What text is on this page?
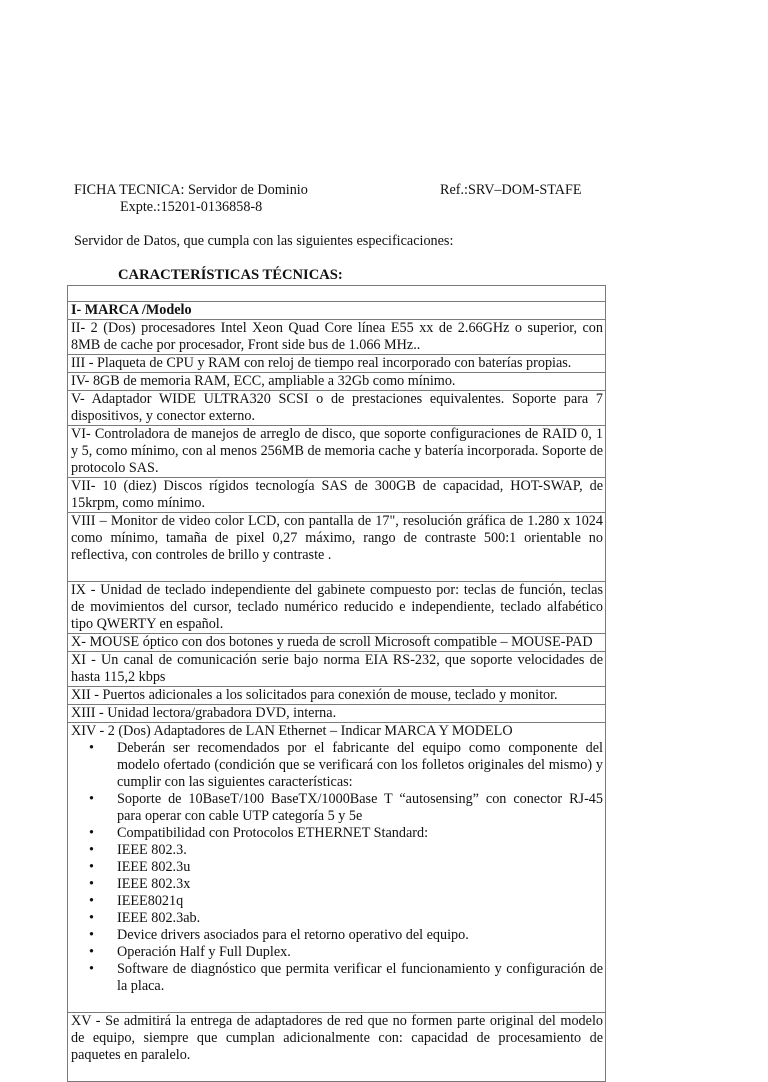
FICHA TECNICA: Servidor de Dominio	Ref.:SRV–DOM-STAFE
Expte.:15201-0136858-8
Servidor de Datos, que cumpla con las siguientes especificaciones:
CARACTERÍSTICAS TÉCNICAS:
I- MARCA /Modelo
II- 2 (Dos) procesadores Intel Xeon Quad Core línea E55 xx de 2.66GHz o superior, con 8MB de cache por procesador, Front side bus de 1.066 MHz..
III - Plaqueta de CPU y RAM con reloj de tiempo real incorporado con baterías propias.
IV- 8GB de memoria RAM, ECC, ampliable a 32Gb como mínimo.
V- Adaptador WIDE ULTRA320 SCSI o de prestaciones equivalentes. Soporte para 7 dispositivos, y conector externo.
VI- Controladora de manejos de arreglo de disco, que soporte configuraciones de RAID 0, 1 y 5, como mínimo, con al menos 256MB de memoria cache y batería incorporada. Soporte de protocolo SAS.
VII- 10 (diez) Discos rígidos tecnología SAS de 300GB de capacidad, HOT-SWAP, de 15krpm, como mínimo.
VIII – Monitor de video color LCD, con pantalla de 17", resolución gráfica de 1.280 x 1024 como mínimo, tamaña de pixel 0,27 máximo, rango de contraste 500:1 orientable no reflectiva, con controles de brillo y contraste .
IX - Unidad de teclado independiente del gabinete compuesto por: teclas de función, teclas de movimientos del cursor, teclado numérico reducido e independiente, teclado alfabético tipo QWERTY en español.
X- MOUSE óptico con dos botones y rueda de scroll Microsoft compatible – MOUSE-PAD
XI - Un canal de comunicación serie bajo norma EIA RS-232, que soporte velocidades de hasta 115,2 kbps
XII - Puertos adicionales a los solicitados para conexión de mouse, teclado y monitor.
XIII - Unidad lectora/grabadora DVD, interna.
XIV - 2 (Dos) Adaptadores de LAN Ethernet – Indicar MARCA Y MODELO
• Deberán ser recomendados por el fabricante del equipo como componente del modelo ofertado (condición que se verificará con los folletos originales del mismo) y cumplir con las siguientes características:
• Soporte de 10BaseT/100 BaseTX/1000Base T “autosensing” con conector RJ-45 para operar con cable UTP categoría 5 y 5e
• Compatibilidad con Protocolos ETHERNET Standard:
• IEEE 802.3.
• IEEE 802.3u
• IEEE 802.3x
• IEEE8021q
• IEEE 802.3ab.
• Device drivers asociados para el retorno operativo del equipo.
• Operación Half y Full Duplex.
• Software de diagnóstico que permita verificar el funcionamiento y configuración de la placa.
XV - Se admitirá la entrega de adaptadores de red que no formen parte original del modelo de equipo, siempre que cumplan adicionalmente con: capacidad de procesamiento de paquetes en paralelo.
